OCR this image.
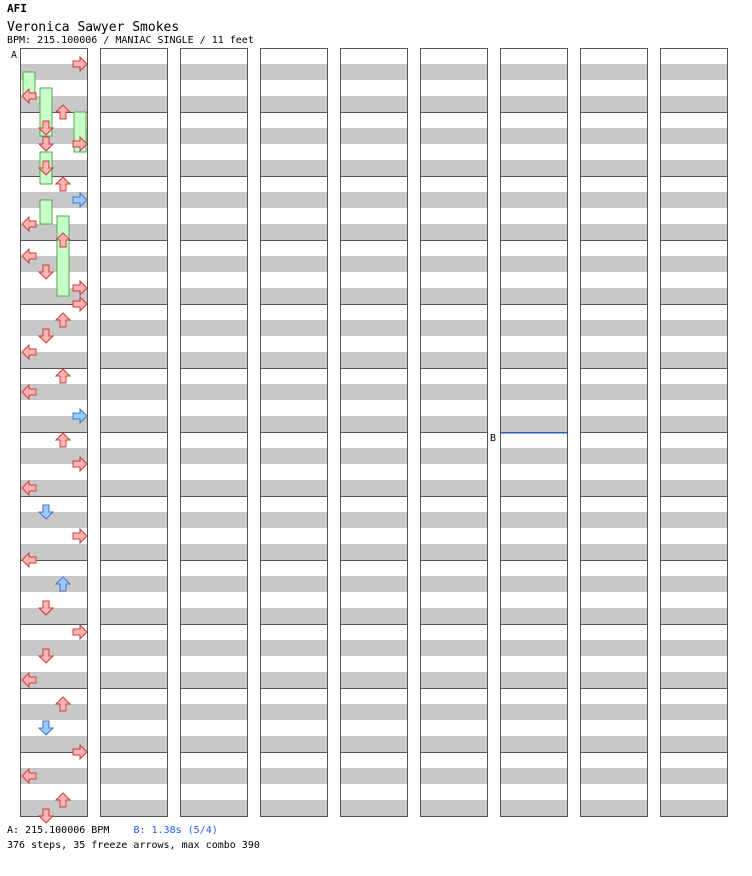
AFI
Veronica Sawyer Smokes
BPM: 215.100006 / MANIAC SINGLE / 11 feet
A
B
A: 215.100006 BPM B: 1.38s (5/4)
376 steps, 35 freeze arrows, max combo 390
